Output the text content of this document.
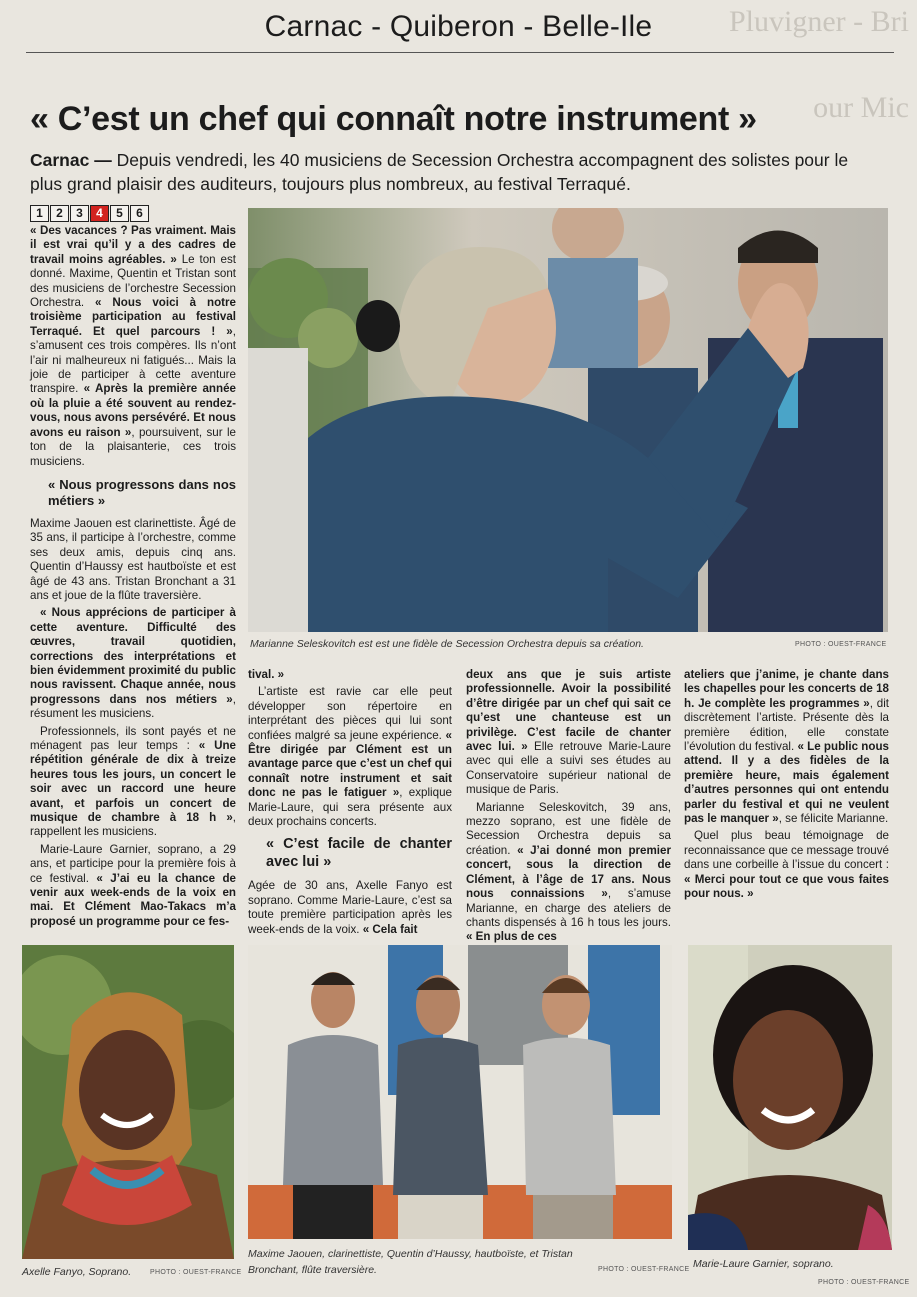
Pluvigner - Bri
our Mic
Carnac - Quiberon - Belle-Ile
« C’est un chef qui connaît notre instrument »
Carnac — Depuis vendredi, les 40 musiciens de Secession Orchestra accompagnent des solistes pour le plus grand plaisir des auditeurs, toujours plus nombreux, au festival Terraqué.
1	2	3	4	5	6

« Des vacances ? Pas vraiment. Mais il est vrai qu’il y a des cadres de travail moins agréables. » Le ton est donné. Maxime, Quentin et Tristan sont des musiciens de l’orchestre Secession Orchestra. « Nous voici à notre troisième participation au festival Terraqué. Et quel parcours ! », s’amusent ces trois compères. Ils n’ont l’air ni malheureux ni fatigués... Mais la joie de participer à cette aventure transpire. « Après la première année où la pluie a été souvent au rendez-vous, nous avons persévéré. Et nous avons eu raison », poursuivent, sur le ton de la plaisanterie, ces trois musiciens.

« Nous progressons dans nos métiers »

Maxime Jaouen est clarinettiste. Âgé de 35 ans, il participe à l’orchestre, comme ses deux amis, depuis cinq ans. Quentin d’Haussy est hautboïste et est âgé de 43 ans. Tristan Bronchant a 31 ans et joue de la flûte traversière.

« Nous apprécions de participer à cette aventure. Difficulté des œuvres, travail quotidien, corrections des interprétations et bien évidemment proximité du public nous ravissent. Chaque année, nous progressons dans nos métiers », résument les musiciens.

Professionnels, ils sont payés et ne ménagent pas leur temps : « Une répétition générale de dix à treize heures tous les jours, un concert le soir avec un raccord une heure avant, et parfois un concert de musique de chambre à 18 h », rappellent les musiciens.

Marie-Laure Garnier, soprano, a 29 ans, et participe pour la première fois à ce festival. « J’ai eu la chance de venir aux week-ends de la voix en mai. Et Clément Mao-Takacs m’a proposé un programme pour ce fes-

Marianne Seleskovitch est est une fidèle de Secession Orchestra depuis sa création.	PHOTO : OUEST-FRANCE

tival. »

L’artiste est ravie car elle peut développer son répertoire en interprétant des pièces qui lui sont confiées malgré sa jeune expérience. « Être dirigée par Clément est un avantage parce que c’est un chef qui connaît notre instrument et sait donc ne pas le fatiguer », explique Marie-Laure, qui sera présente aux deux prochains concerts.

« C’est facile de chanter avec lui »

Agée de 30 ans, Axelle Fanyo est soprano. Comme Marie-Laure, c’est sa toute première participation après les week-ends de la voix. « Cela fait

deux ans que je suis artiste professionnelle. Avoir la possibilité d’être dirigée par un chef qui sait ce qu’est une chanteuse est un privilège. C’est facile de chanter avec lui. » Elle retrouve Marie-Laure avec qui elle a suivi ses études au Conservatoire supérieur national de musique de Paris.

Marianne Seleskovitch, 39 ans, mezzo soprano, est une fidèle de Secession Orchestra depuis sa création. « J’ai donné mon premier concert, sous la direction de Clément, à l’âge de 17 ans. Nous nous connaissions », s’amuse Marianne, en charge des ateliers de chants dispensés à 16 h tous les jours. « En plus de ces

ateliers que j’anime, je chante dans les chapelles pour les concerts de 18 h. Je complète les programmes », dit discrètement l’artiste. Présente dès la première édition, elle constate l’évolution du festival. « Le public nous attend. Il y a des fidèles de la première heure, mais également d’autres personnes qui ont entendu parler du festival et qui ne veulent pas le manquer », se félicite Marianne.

Quel plus beau témoignage de reconnaissance que ce message trouvé dans une corbeille à l’issue du concert : « Merci pour tout ce que vous faites pour nous. »

Axelle Fanyo, Soprano.	PHOTO : OUEST-FRANCE
Maxime Jaouen, clarinettiste, Quentin d’Haussy, hautboïste, et Tristan Bronchant, flûte traversière.	PHOTO : OUEST-FRANCE Marie-Laure Garnier, soprano.
PHOTO : OUEST-FRANCE
